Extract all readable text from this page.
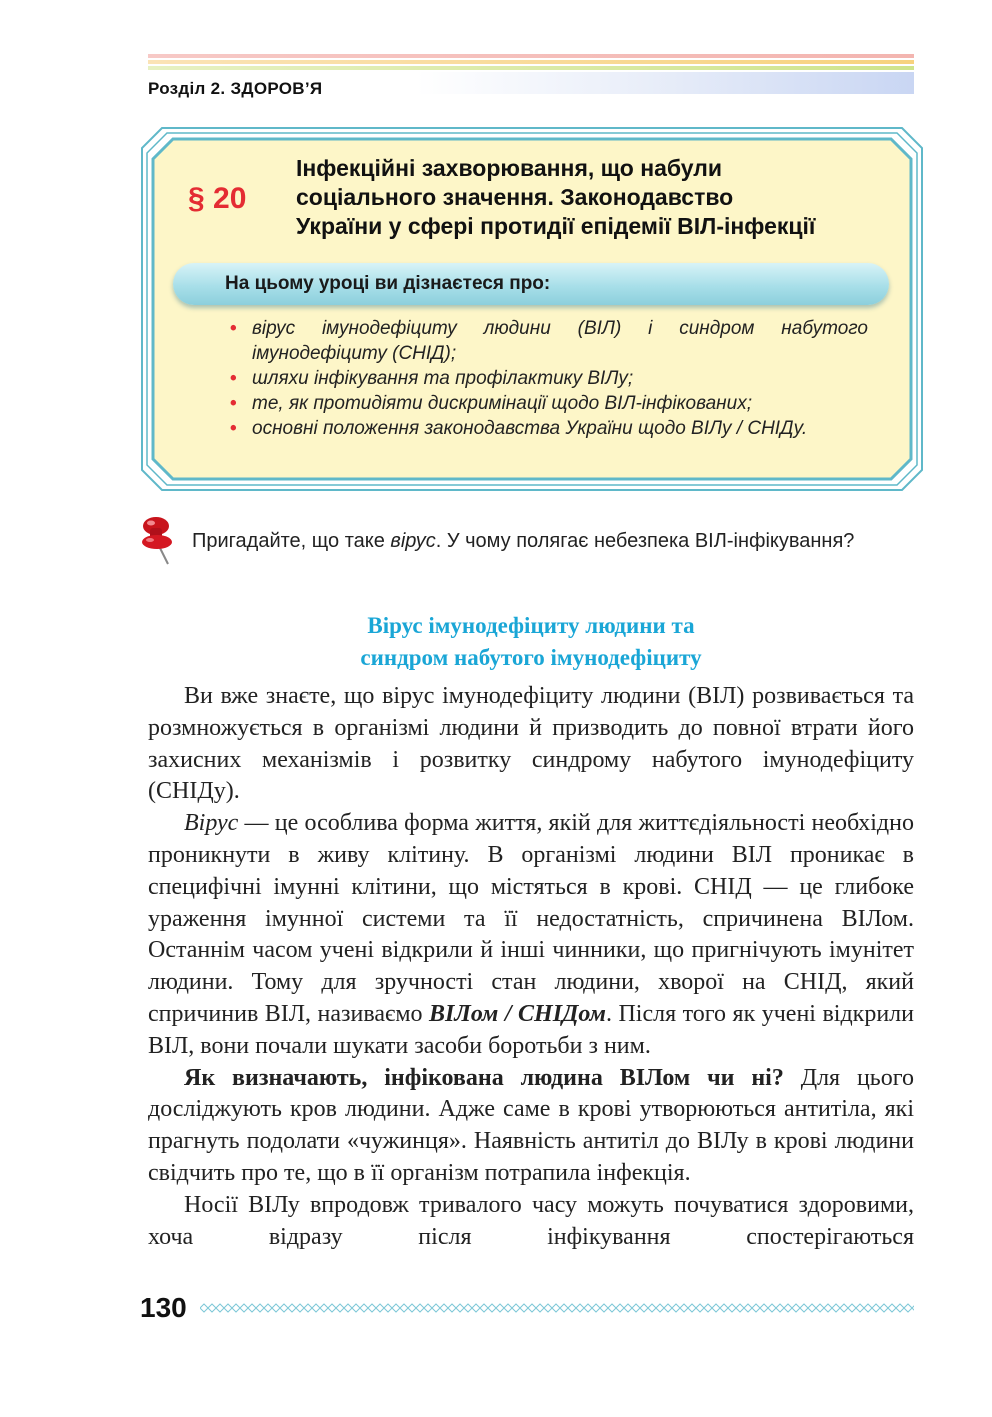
Розділ 2. ЗДОРОВ’Я
§ 20
Інфекційні захворювання, що набули
соціального значення. Законодавство
України у сфері протидії епідемії ВІЛ-інфекції
На цьому уроці ви дізнаєтеся про:
• вірус імунодефіциту людини (ВІЛ) і синдром набутого імунодефіциту (СНІД);
• шляхи інфікування та профілактику ВІЛу;
• те, як протидіяти дискримінації щодо ВІЛ-інфікованих;
• основні положення законодавства України щодо ВІЛу / СНІДу.
Пригадайте, що таке вірус. У чому полягає небезпека ВІЛ-інфікування?
Вірус імунодефіциту людини та
синдром набутого імунодефіциту

Ви вже знаєте, що вірус імунодефіциту людини (ВІЛ) розвивається та розмножується в організмі людини й призводить до повної втрати його захисних механізмів і розвитку синдрому набутого імунодефіциту (СНІДу).

Вірус — це особлива форма життя, якій для життєдіяльності необхідно проникнути в живу клітину. В організмі людини ВІЛ проникає в специфічні імунні клітини, що містяться в крові. СНІД — це глибоке ураження імунної системи та її недостатність, спричинена ВІЛом. Останнім часом учені відкрили й інші чинники, що пригнічують імунітет людини. Тому для зручності стан людини, хворої на СНІД, який спричинив ВІЛ, називаємо ВІЛом / СНІДом. Після того як учені відкрили ВІЛ, вони почали шукати засоби боротьби з ним.

Як визначають, інфікована людина ВІЛом чи ні? Для цього досліджують кров людини. Адже саме в крові утворюються антитіла, які прагнуть подолати «чужинця». Наявність антитіл до ВІЛу в крові людини свідчить про те, що в її організм потрапила інфекція.

Носії ВІЛу впродовж тривалого часу можуть почуватися здоровими, хоча відразу після інфікування спостерігаються

130
